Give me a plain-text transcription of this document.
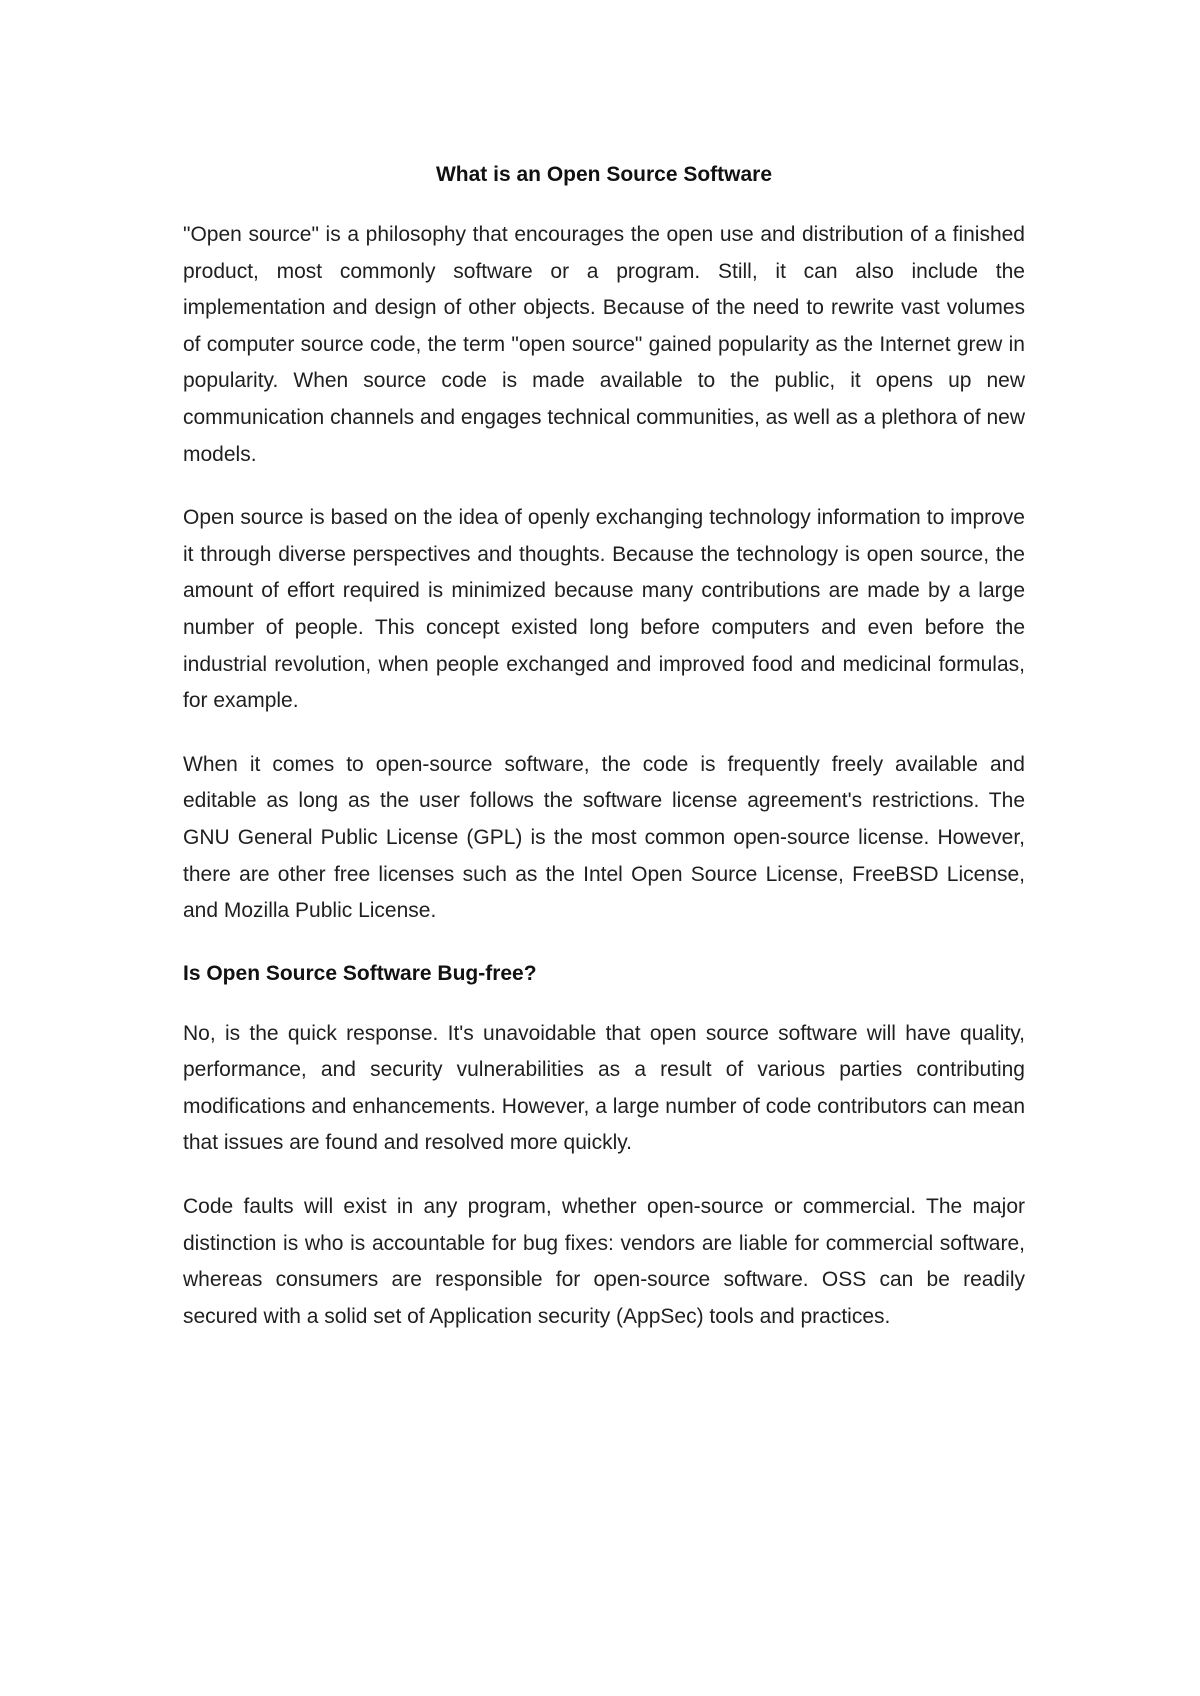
What is an Open Source Software

"Open source" is a philosophy that encourages the open use and distribution of a finished product, most commonly software or a program. Still, it can also include the implementation and design of other objects. Because of the need to rewrite vast volumes of computer source code, the term "open source" gained popularity as the Internet grew in popularity. When source code is made available to the public, it opens up new communication channels and engages technical communities, as well as a plethora of new models.

Open source is based on the idea of openly exchanging technology information to improve it through diverse perspectives and thoughts. Because the technology is open source, the amount of effort required is minimized because many contributions are made by a large number of people. This concept existed long before computers and even before the industrial revolution, when people exchanged and improved food and medicinal formulas, for example.

When it comes to open-source software, the code is frequently freely available and editable as long as the user follows the software license agreement's restrictions. The GNU General Public License (GPL) is the most common open-source license. However, there are other free licenses such as the Intel Open Source License, FreeBSD License, and Mozilla Public License.

Is Open Source Software Bug-free?

No, is the quick response. It's unavoidable that open source software will have quality, performance, and security vulnerabilities as a result of various parties contributing modifications and enhancements. However, a large number of code contributors can mean that issues are found and resolved more quickly.

Code faults will exist in any program, whether open-source or commercial. The major distinction is who is accountable for bug fixes: vendors are liable for commercial software, whereas consumers are responsible for open-source software. OSS can be readily secured with a solid set of Application security (AppSec) tools and practices.
